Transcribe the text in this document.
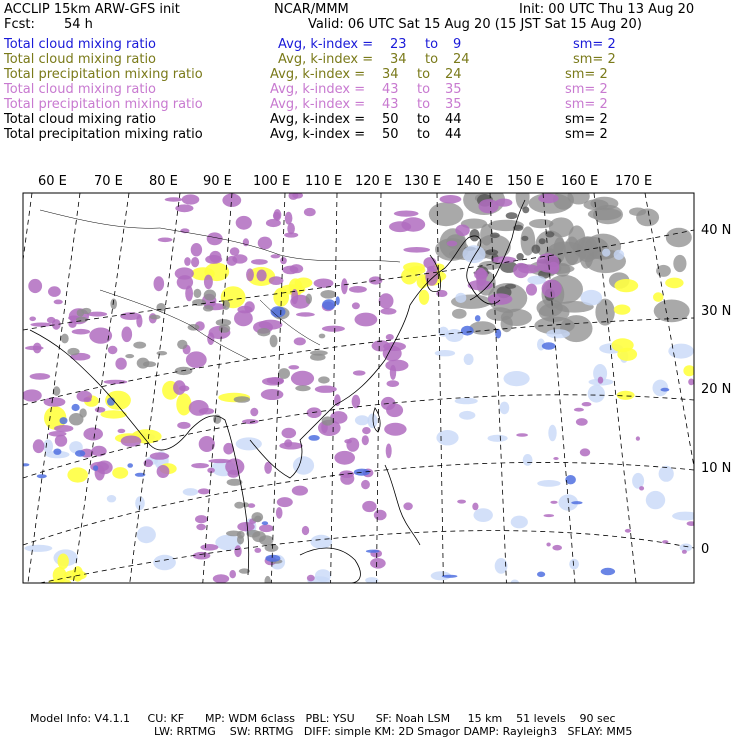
ACCLIP 15km ARW-GFS init	NCAR/MMM	Init: 00 UTC Thu 13 Aug 20
Fcst: 54 h	Valid: 06 UTC Sat 15 Aug 20 (15 JST Sat 15 Aug 20)
Total cloud mixing ratio	Avg, k-index = 23 to 9	sm= 2
Total cloud mixing ratio	Avg, k-index = 34 to 24	sm= 2
Total precipitation mixing ratio	Avg, k-index = 34 to 24	sm= 2
Total cloud mixing ratio	Avg, k-index = 43 to 35	sm= 2
Total precipitation mixing ratio	Avg, k-index = 43 to 35	sm= 2
Total cloud mixing ratio	Avg, k-index = 50 to 44	sm= 2
Total precipitation mixing ratio	Avg, k-index = 50 to 44	sm= 2
60 E 70 E 80 E 90 E 100 E 110 E 120 E 130 E 140 E 150 E 160 E 170 E
40 N
30 N
20 N
10 N
0
Model Info: V4.1.1     CU: KF      MP: WDM 6class   PBL: YSU      SF: Noah LSM     15 km    51 levels    90 sec
LW: RRTMG    SW: RRTMG   DIFF: simple KM: 2D Smagor DAMP: Rayleigh3   SFLAY: MM5
